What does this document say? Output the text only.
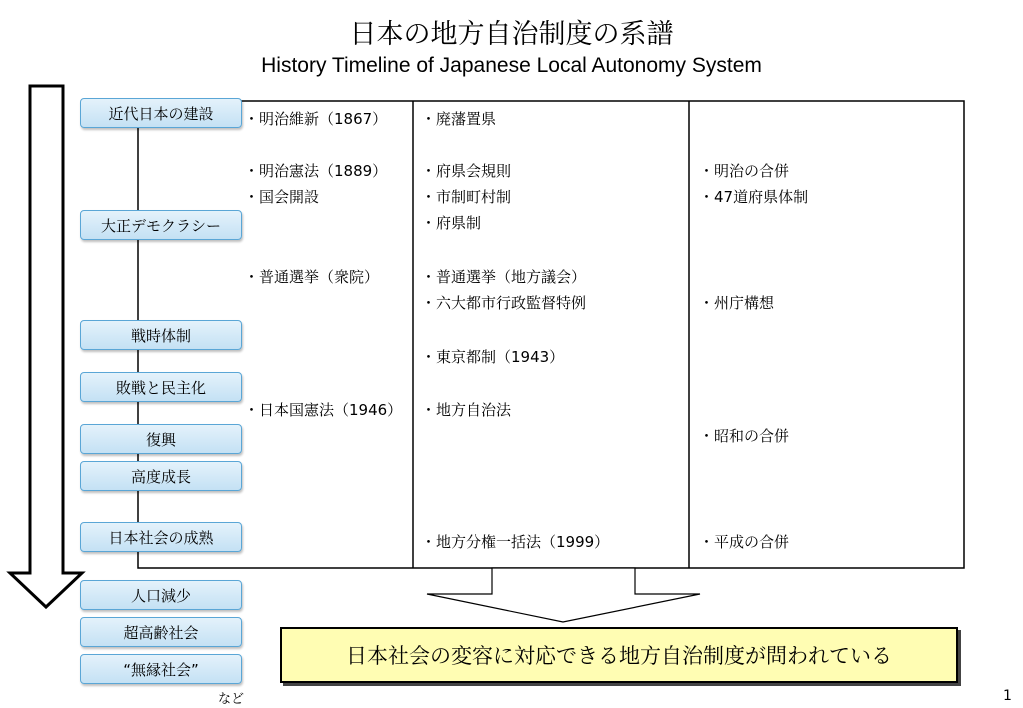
日本の地方自治制度の系譜
History Timeline of Japanese Local Autonomy System
近代日本の建設
大正デモクラシー
戦時体制
敗戦と民主化
復興
高度成長
日本社会の成熟
人口減少
超高齢社会
“無縁社会”
・明治維新（1867）
・明治憲法（1889）
・国会開設
・普通選挙（衆院）
・日本国憲法（1946）
・廃藩置県
・府県会規則
・市制町村制
・府県制
・普通選挙（地方議会）
・六大都市行政監督特例
・東京都制（1943）
・地方自治法
・地方分権一括法（1999）
・明治の合併
・47道府県体制
・州庁構想
・昭和の合併
・平成の合併
日本社会の変容に対応できる地方自治制度が問われている
など	1
